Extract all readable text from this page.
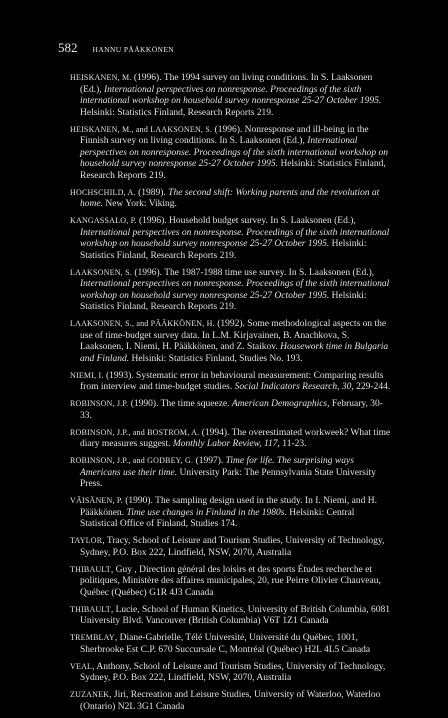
582 HANNU PÄÄKKÖNEN

HEISKANEN, M. (1996). The 1994 survey on living conditions. In S. Laaksonen (Ed.), International perspectives on nonresponse. Proceedings of the sixth international workshop on household survey nonresponse 25-27 October 1995. Helsinki: Statistics Finland, Research Reports 219.

HEISKANEN, M., and LAAKSONEN, S. (1996). Nonresponse and ill-being in the Finnish survey on living conditions. In S. Laaksonen (Ed.), International perspectives on nonresponse. Proceedings of the sixth international workshop on household survey nonresponse 25-27 October 1995. Helsinki: Statistics Finland, Research Reports 219.

HOCHSCHILD, A. (1989). The second shift: Working parents and the revolution at home. New York: Viking.

KANGASSALO, P. (1996). Household budget survey. In S. Laaksonen (Ed.), International perspectives on nonresponse. Proceedings of the sixth international workshop on household survey nonresponse 25-27 October 1995. Helsinki: Statistics Finland, Research Reports 219.

LAAKSONEN, S. (1996). The 1987-1988 time use survey. In S. Laaksonen (Ed.), International perspectives on nonresponse. Proceedings of the sixth international workshop on household survey nonresponse 25-27 October 1995. Helsinki: Statistics Finland, Research Reports 219.

LAAKSONEN, S., and PÄÄKKÖNEN, H. (1992). Some methodological aspects on the use of time-budget survey data. In L.M. Kirjavainen, B. Anachkova, S. Laaksonen, I. Niemi, H. Pääkkönen, and Z. Staikov. Housework time in Bulgaria and Finland. Helsinki: Statistics Finland, Studies No. 193.

NIEMI, I. (1993). Systematic error in behavioural measurement: Comparing results from interview and time-budget studies. Social Indicators Research, 30, 229-244.

ROBINSON, J.P. (1990). The time squeeze. American Demographics, February, 30-33.

ROBINSON, J.P., and BOSTROM, A. (1994). The overestimated workweek? What time diary measures suggest. Monthly Labor Review, 117, 11-23.

ROBINSON, J.P., and GODBEY, G. (1997). Time for life. The surprising ways Americans use their time. University Park: The Pennsylvania State University Press.

VÄISÄNEN, P. (1990). The sampling design used in the study. In I. Niemi, and H. Pääkkönen. Time use changes in Finland in the 1980s. Helsinki: Central Statistical Office of Finland, Studies 174.

TAYLOR, Tracy, School of Leisure and Tourism Studies, University of Technology, Sydney, P.O. Box 222, Lindfield, NSW, 2070, Australia

THIBAULT, Guy , Direction général des loisirs et des sports Études recherche et politiques, Ministère des affaires municipales, 20, rue Peirre Olivier Chauveau, Québec (Québec) G1R 4J3 Canada

THIBAULT, Lucie, School of Human Kinetics, University of British Columbia, 6081 University Blvd. Vancouver (British Columbia) V6T 1Z1 Canada

TREMBLAY, Diane-Gabrielle, Télé Université, Université du Québec, 1001, Sherbrooke Est C.P. 670 Succursale C, Montréal (Québec) H2L 4L5 Canada

VEAL, Anthony, School of Leisure and Tourism Studies, University of Technology, Sydney, P.O. Box 222, Lindfield, NSW, 2070, Australia

ZUZANEK, Jiri, Recreation and Leisure Studies, University of Waterloo, Waterloo (Ontario) N2L 3G1 Canada
